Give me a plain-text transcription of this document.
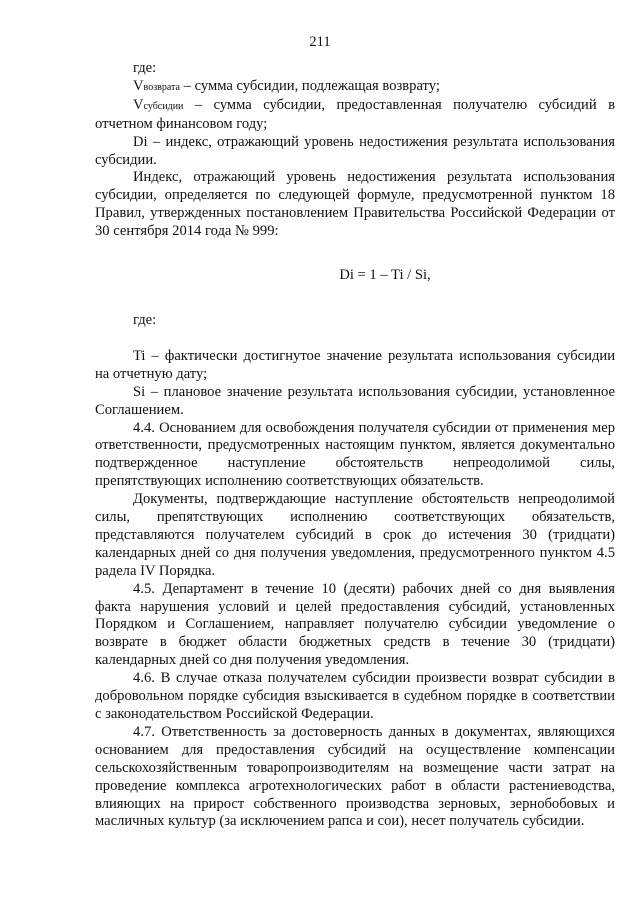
211

где:

Vвозврата – сумма субсидии, подлежащая возврату;

Vсубсидии – сумма субсидии, предоставленная получателю субсидий в отчетном финансовом году;

Di – индекс, отражающий уровень недостижения результата использования субсидии.

Индекс, отражающий уровень недостижения результата использования субсидии, определяется по следующей формуле, предусмотренной пунктом 18 Правил, утвержденных постановлением Правительства Российской Федерации от 30 сентября 2014 года № 999:

Di = 1 – Ti / Si,

где:

Ti – фактически достигнутое значение результата использования субсидии на отчетную дату;

Si – плановое значение результата использования субсидии, установленное Соглашением.

4.4. Основанием для освобождения получателя субсидии от применения мер ответственности, предусмотренных настоящим пунктом, является документально подтвержденное наступление обстоятельств непреодолимой силы, препятствующих исполнению соответствующих обязательств.

Документы, подтверждающие наступление обстоятельств непреодолимой силы, препятствующих исполнению соответствующих обязательств, представляются получателем субсидий в срок до истечения 30 (тридцати) календарных дней со дня получения уведомления, предусмотренного пунктом 4.5 радела IV Порядка.

4.5. Департамент в течение 10 (десяти) рабочих дней со дня выявления факта нарушения условий и целей предоставления субсидий, установленных Порядком и Соглашением, направляет получателю субсидии уведомление о возврате в бюджет области бюджетных средств в течение 30 (тридцати) календарных дней со дня получения уведомления.

4.6. В случае отказа получателем субсидии произвести возврат субсидии в добровольном порядке субсидия взыскивается в судебном порядке в соответствии с законодательством Российской Федерации.

4.7. Ответственность за достоверность данных в документах, являющихся основанием для предоставления субсидий на осуществление компенсации сельскохозяйственным товаропроизводителям на возмещение части затрат на проведение комплекса агротехнологических работ в области растениеводства, влияющих на прирост собственного производства зерновых, зернобобовых и масличных культур (за исключением рапса и сои), несет получатель субсидии.
